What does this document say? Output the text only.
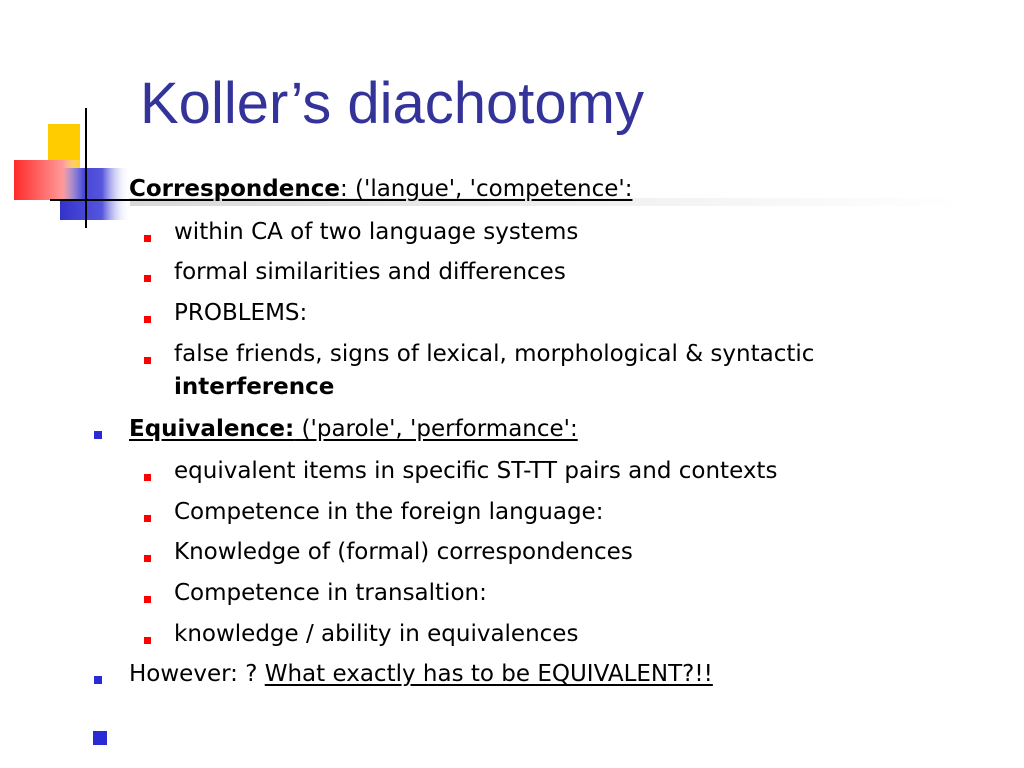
Koller’s diachotomy
Correspondence: ('langue', 'competence':
within CA of two language systems
formal similarities and differences
PROBLEMS:
false friends, signs of lexical, morphological & syntactic
interference
Equivalence: ('parole', 'performance':
equivalent items in specific ST-TT pairs and contexts
Competence in the foreign language:
Knowledge of (formal) correspondences
Competence in transaltion:
knowledge / ability in equivalences
However: ? What exactly has to be EQUIVALENT?!!
